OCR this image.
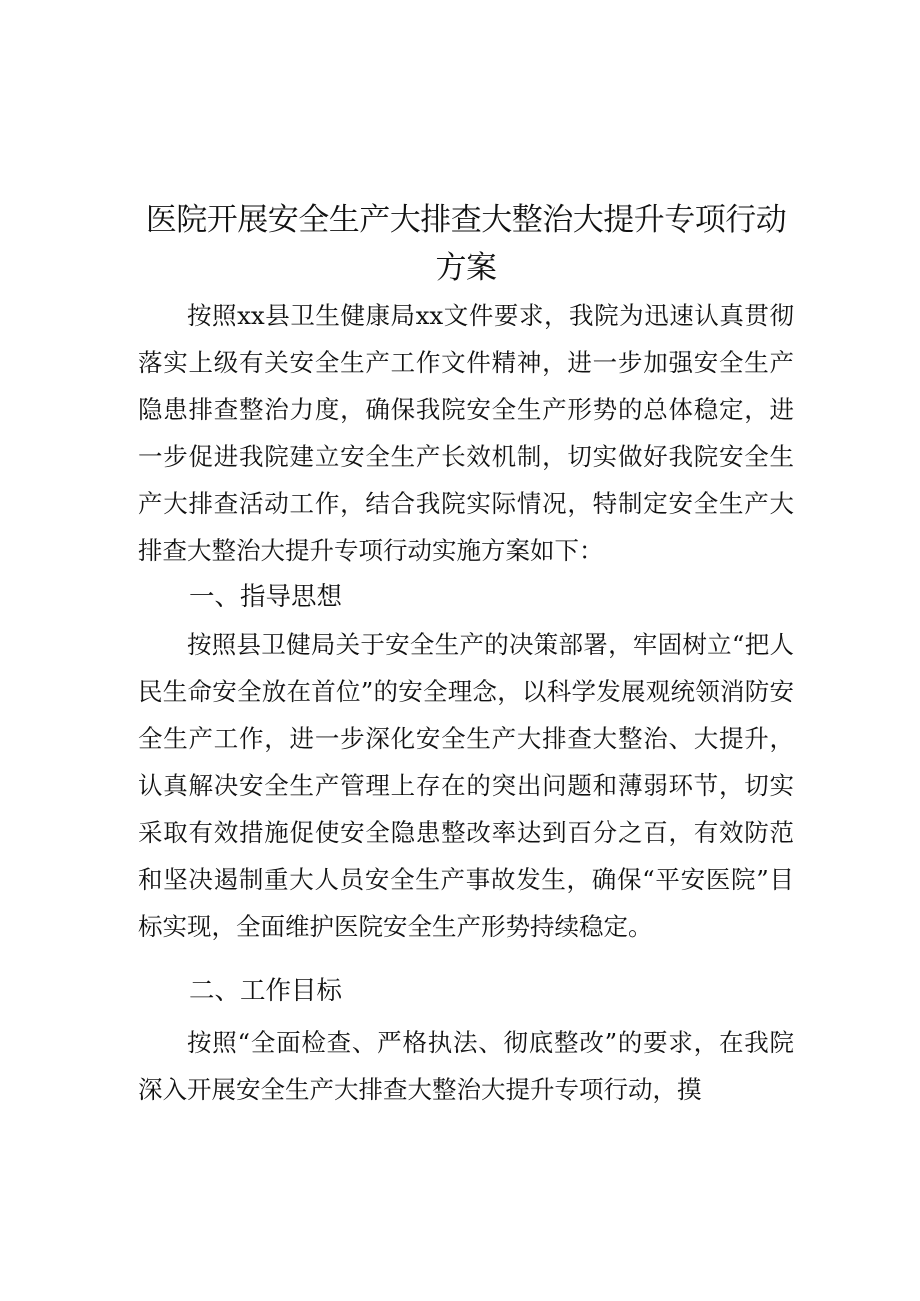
医院开展安全生产大排查大整治大提升专项行动方案

按照xx县卫生健康局xx文件要求，我院为迅速认真贯彻落实上级有关安全生产工作文件精神，进一步加强安全生产隐患排查整治力度，确保我院安全生产形势的总体稳定，进一步促进我院建立安全生产长效机制，切实做好我院安全生产大排查活动工作，结合我院实际情况，特制定安全生产大排查大整治大提升专项行动实施方案如下：

一、指导思想

按照县卫健局关于安全生产的决策部署，牢固树立“把人民生命安全放在首位”的安全理念，以科学发展观统领消防安全生产工作，进一步深化安全生产大排查大整治、大提升，认真解决安全生产管理上存在的突出问题和薄弱环节，切实采取有效措施促使安全隐患整改率达到百分之百，有效防范和坚决遏制重大人员安全生产事故发生，确保“平安医院”目标实现，全面维护医院安全生产形势持续稳定。

二、工作目标

按照“全面检查、严格执法、彻底整改”的要求，在我院深入开展安全生产大排查大整治大提升专项行动，摸
